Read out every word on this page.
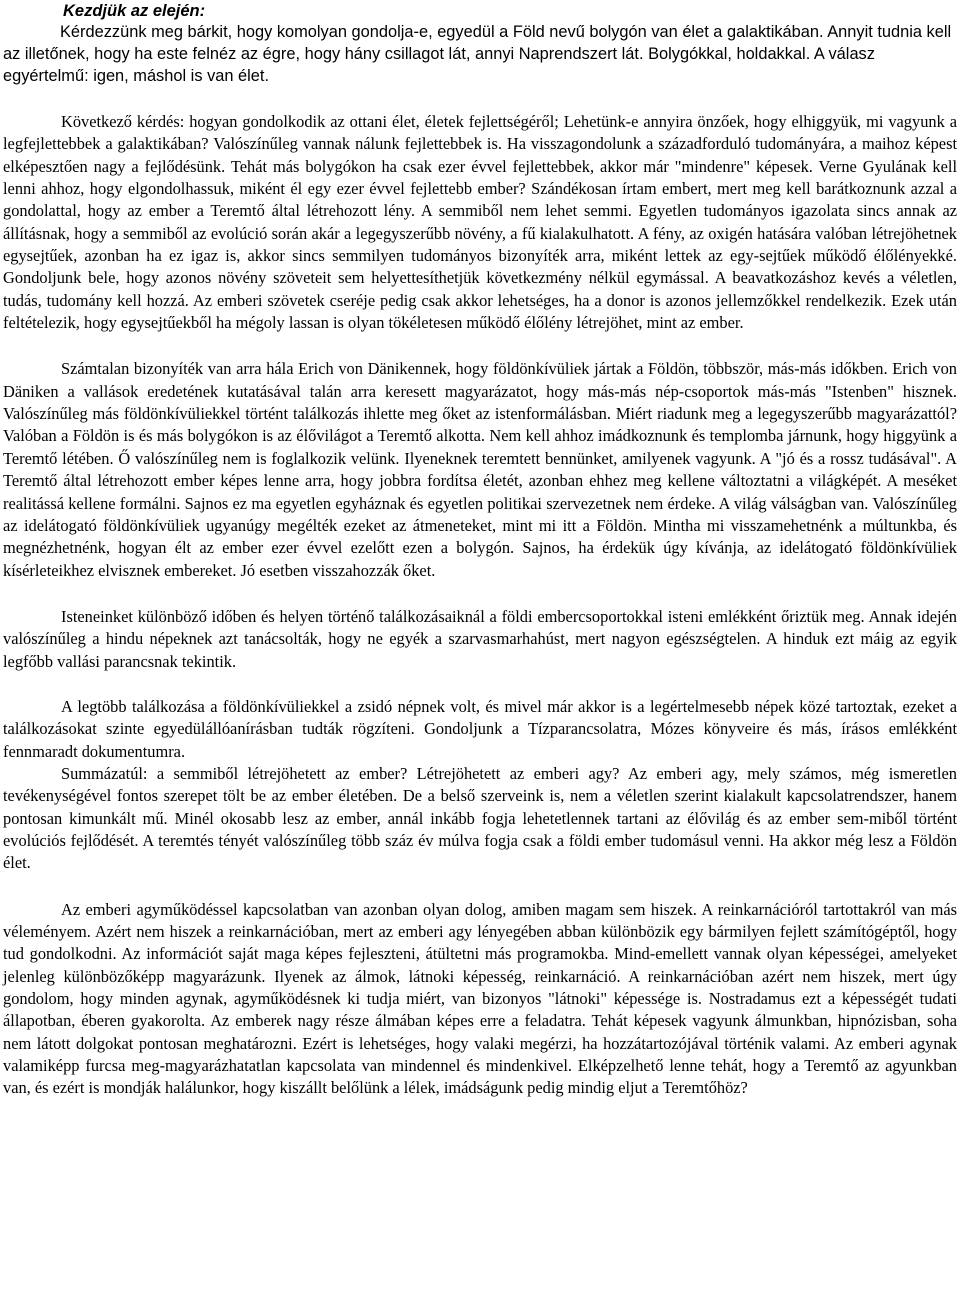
Kezdjük az elején:

Kérdezzünk meg bárkit, hogy komolyan gondolja-e, egyedül a Föld nevű bolygón van élet a galaktikában. Annyit tudnia kell az illetőnek, hogy ha este felnéz az égre, hogy hány csillagot lát, annyi Naprendszert lát. Bolygókkal, holdakkal. A válasz egyértelmű: igen, máshol is van élet.

Következő kérdés: hogyan gondolkodik az ottani élet, életek fejlettségéről; Lehetünk-e annyira önzőek, hogy elhiggyük, mi vagyunk a legfejlettebbek a galaktikában? Valószínűleg vannak nálunk fejlettebbek is. Ha visszagondolunk a századforduló tudományára, a maihoz képest elképesztően nagy a fejlődésünk. Tehát más bolygókon ha csak ezer évvel fejlettebbek, akkor már "mindenre" képesek. Verne Gyulának kell lenni ahhoz, hogy elgondolhassuk, miként él egy ezer évvel fejlettebb ember? Szándékosan írtam embert, mert meg kell barátkoznunk azzal a gondolattal, hogy az ember a Teremtő által létrehozott lény. A semmiből nem lehet semmi. Egyetlen tudományos igazolata sincs annak az állításnak, hogy a semmiből az evolúció során akár a legegyszerűbb növény, a fű kialakulhatott. A fény, az oxigén hatására valóban létrejöhetnek egysejtűek, azonban ha ez igaz is, akkor sincs semmilyen tudományos bizonyíték arra, miként lettek az egy-sejtűek működő élőlényekké. Gondoljunk bele, hogy azonos növény szöveteit sem helyettesíthetjük következmény nélkül egymással. A beavatkozáshoz kevés a véletlen, tudás, tudomány kell hozzá. Az emberi szövetek cseréje pedig csak akkor lehetséges, ha a donor is azonos jellemzőkkel rendelkezik. Ezek után feltételezik, hogy egysejtűekből ha mégoly lassan is olyan tökéletesen működő élőlény létrejöhet, mint az ember.

Számtalan bizonyíték van arra hála Erich von Dänikennek, hogy földönkívüliek jártak a Földön, többször, más-más időkben. Erich von Däniken a vallások eredetének kutatásával talán arra keresett magyarázatot, hogy más-más nép-csoportok más-más "Istenben" hisznek. Valószínűleg más földönkívüliekkel történt találkozás ihlette meg őket az istenformálásban. Miért riadunk meg a legegyszerűbb magyarázattól? Valóban a Földön is és más bolygókon is az élővilágot a Teremtő alkotta. Nem kell ahhoz imádkoznunk és templomba járnunk, hogy higgyünk a Teremtő létében. Ő valószínűleg nem is foglalkozik velünk. Ilyeneknek teremtett bennünket, amilyenek vagyunk. A "jó és a rossz tudásával". A Teremtő által létrehozott ember képes lenne arra, hogy jobbra fordítsa életét, azonban ehhez meg kellene változtatni a világképét. A meséket realitássá kellene formálni. Sajnos ez ma egyetlen egyháznak és egyetlen politikai szervezetnek nem érdeke. A világ válságban van. Valószínűleg az idelátogató földönkívüliek ugyanúgy megélték ezeket az átmeneteket, mint mi itt a Földön. Mintha mi visszamehetnénk a múltunkba, és megnézhetnénk, hogyan élt az ember ezer évvel ezelőtt ezen a bolygón. Sajnos, ha érdekük úgy kívánja, az idelátogató földönkívüliek kísérleteikhez elvisznek embereket. Jó esetben visszahozzák őket.

Isteneinket különböző időben és helyen történő találkozásaiknál a földi embercsoportokkal isteni emlékként őriztük meg. Annak idején valószínűleg a hindu népeknek azt tanácsolták, hogy ne egyék a szarvasmarhahúst, mert nagyon egészségtelen. A hinduk ezt máig az egyik legfőbb vallási parancsnak tekintik.

A legtöbb találkozása a földönkívüliekkel a zsidó népnek volt, és mivel már akkor is a legértelmesebb népek közé tartoztak, ezeket a találkozásokat szinte egyedülállóanírásban tudták rögzíteni. Gondoljunk a Tízparancsolatra, Mózes könyveire és más, írásos emlékként fennmaradt dokumentumra.

Summázatúl: a semmiből létrejöhetett az ember? Létrejöhetett az emberi agy? Az emberi agy, mely számos, még ismeretlen tevékenységével fontos szerepet tölt be az ember életében. De a belső szerveink is, nem a véletlen szerint kialakult kapcsolatrendszer, hanem pontosan kimunkált mű. Minél okosabb lesz az ember, annál inkább fogja lehetetlennek tartani az élővilág és az ember sem-miből történt evolúciós fejlődését. A teremtés tényét valószínűleg több száz év múlva fogja csak a földi ember tudomásul venni. Ha akkor még lesz a Földön élet.

Az emberi agyműködéssel kapcsolatban van azonban olyan dolog, amiben magam sem hiszek. A reinkarnációról tartottakról van más véleményem. Azért nem hiszek a reinkarnációban, mert az emberi agy lényegében abban különbözik egy bármilyen fejlett számítógéptől, hogy tud gondolkodni. Az információt saját maga képes fejleszteni, átültetni más programokba. Mind-emellett vannak olyan képességei, amelyeket jelenleg különbözőképp magyarázunk. Ilyenek az álmok, látnoki képesség, reinkarnáció. A reinkarnációban azért nem hiszek, mert úgy gondolom, hogy minden agynak, agyműködésnek ki tudja miért, van bizonyos "látnoki" képessége is. Nostradamus ezt a képességét tudati állapotban, éberen gyakorolta. Az emberek nagy része álmában képes erre a feladatra. Tehát képesek vagyunk álmunkban, hipnózisban, soha nem látott dolgokat pontosan meghatározni. Ezért is lehetséges, hogy valaki megérzi, ha hozzátartozójával történik valami. Az emberi agynak valamiképp furcsa meg-magyarázhatatlan kapcsolata van mindennel és mindenkivel. Elképzelhető lenne tehát, hogy a Teremtő az agyunkban van, és ezért is mondják halálunkor, hogy kiszállt belőlünk a lélek, imádságunk pedig mindig eljut a Teremtőhöz?
